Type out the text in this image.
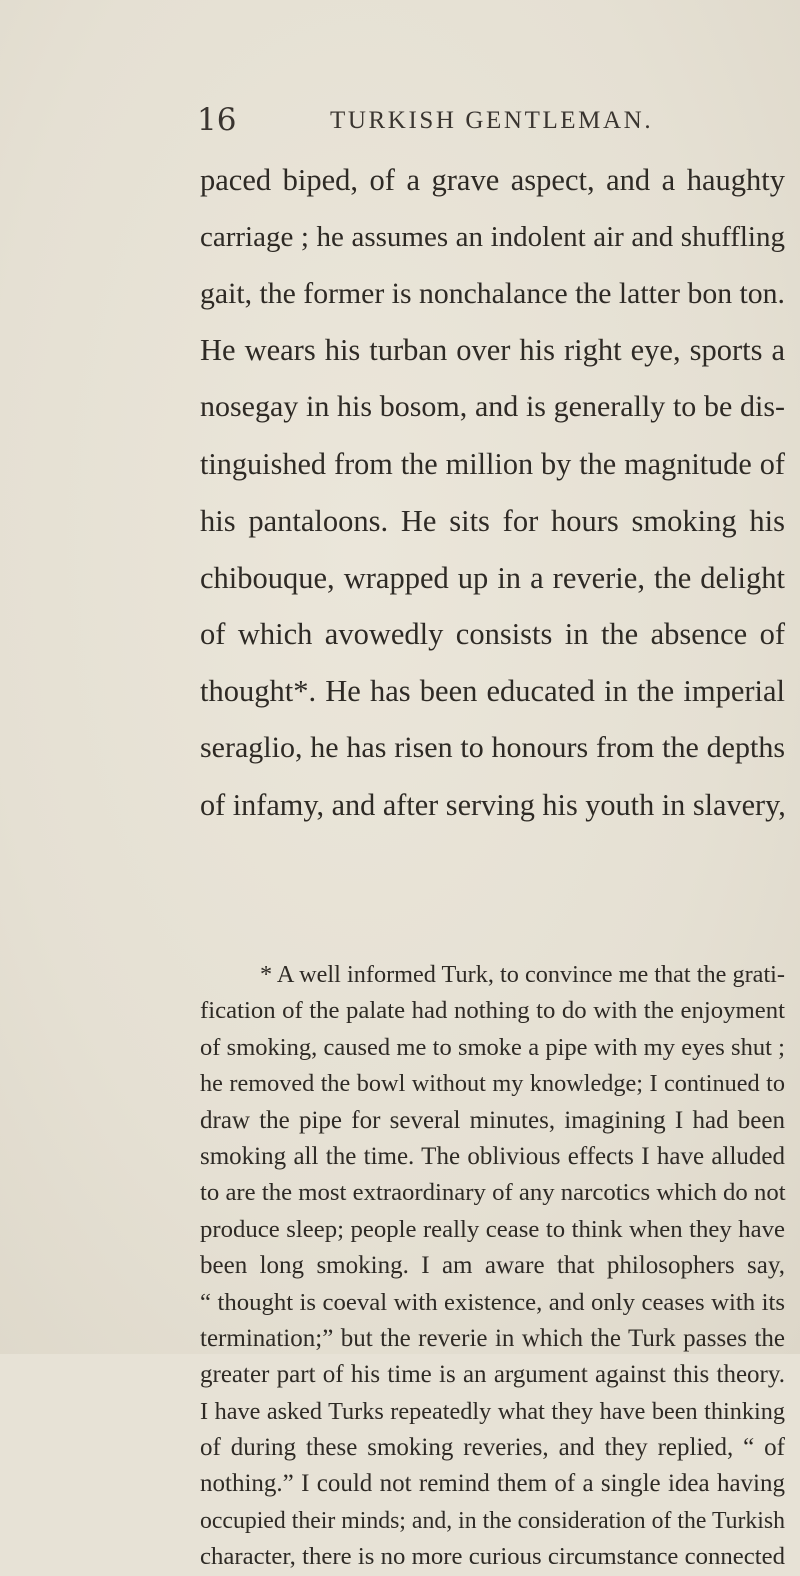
16	TURKISH GENTLEMAN.
paced biped, of a grave aspect, and a haughty
carriage ; he assumes an indolent air and shuffling
gait, the former is nonchalance the latter bon ton.
He wears his turban over his right eye, sports a
nosegay in his bosom, and is generally to be dis-
tinguished from the million by the magnitude of
his pantaloons. He sits for hours smoking his
chibouque, wrapped up in a reverie, the delight
of which avowedly consists in the absence of
thought*. He has been educated in the imperial
seraglio, he has risen to honours from the depths
of infamy, and after serving his youth in slavery,
* A well informed Turk, to convince me that the grati-
fication of the palate had nothing to do with the enjoyment
of smoking, caused me to smoke a pipe with my eyes shut ;
he removed the bowl without my knowledge; I continued to
draw the pipe for several minutes, imagining I had been
smoking all the time. The oblivious effects I have alluded
to are the most extraordinary of any narcotics which do not
produce sleep; people really cease to think when they have
been long smoking. I am aware that philosophers say,
“ thought is coeval with existence, and only ceases with its
termination;” but the reverie in which the Turk passes the
greater part of his time is an argument against this theory.
I have asked Turks repeatedly what they have been thinking
of during these smoking reveries, and they replied, “ of
nothing.” I could not remind them of a single idea having
occupied their minds; and, in the consideration of the Turkish
character, there is no more curious circumstance connected
